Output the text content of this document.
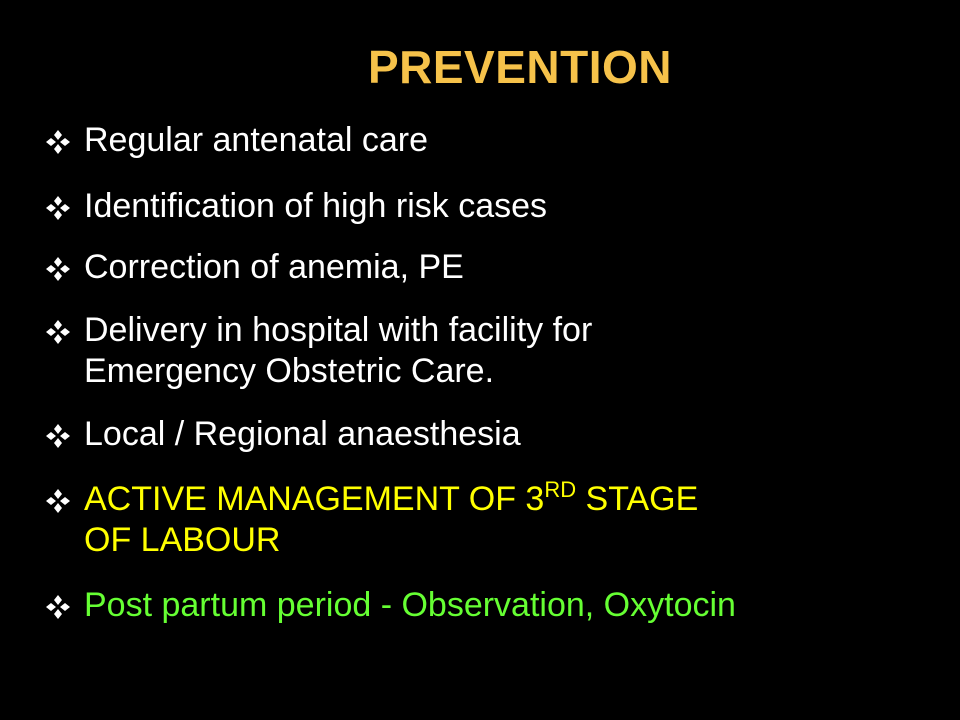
PREVENTION
Regular antenatal care
Identification of high risk cases
Correction of anemia, PE
Delivery in hospital with facility for
Emergency Obstetric Care.
Local / Regional anaesthesia
ACTIVE MANAGEMENT OF 3RD STAGE
OF LABOUR
Post partum period - Observation, Oxytocin
